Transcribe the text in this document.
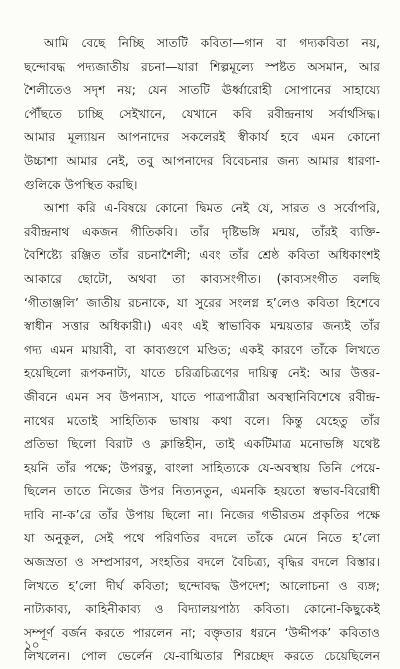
আমি বেছে নিচ্ছি সাতটি কবিতা—গান বা গদ্যকবিতা নয়,
ছন্দোবদ্ধ পদ্যজাতীয় রচনা—যারা শিল্পমূল্যে স্পষ্টত অসমান, আর
শৈলীতেও সদৃশ নয়; যেন সাতটি ঊর্ধ্বারোহী সোপানের সাহায্যে
পৌঁছতে চাচ্ছি সেইখানে, যেখানে কবি রবীন্দ্রনাথ সর্বার্থসিদ্ধ।
আমার মূল্যায়ন আপনাদের সকলেরই স্বীকার্য হবে এমন কোনো
উচ্চাশা আমার নেই, তবু আপনাদের বিবেচনার জন্য আমার ধারণা-
গুলিকে উপস্থিত করছি।
আশা করি এ-বিষয়ে কোনো দ্বিমত নেই যে, সারত ও সর্বোপরি,
রবীন্দ্রনাথ একজন গীতিকবি। তাঁর দৃষ্টিভঙ্গি মন্ময়, তাঁরই ব্যক্তি-
বৈশিষ্ট্যে রঞ্জিত তাঁর রচনাশৈলী; এবং তাঁর শ্রেষ্ঠ কবিতা অধিকাংশই
আকারে ছোটো, অথবা তা কাব্যসংগীত। (কাব্যসংগীত বলছি
‘গীতাঞ্জলি’ জাতীয় রচনাকে, যা সুরের সংলগ্ন হ’লেও কবিতা হিশেবে
স্বাধীন সত্তার অধিকারী।) এবং এই স্বাভাবিক মন্ময়তার জন্যই তাঁর
গদ্য এমন মায়াবী, বা কাব্যগুণে মণ্ডিত; একই কারণে তাঁকে লিখতে
হয়েছিলো রূপকনাট্য, যাতে চরিত্রচিত্রণের দায়িত্ব নেই: আর উত্তর-
জীবনে এমন সব উপন্যাস, যাতে পাত্রপাত্রীরা অবস্থানিবিশেষে রবীন্দ্র-
নাথের মতোই সাহিত্যিক ভাষায় কথা বলে। কিন্তু যেহেতু তাঁর
প্রতিভা ছিলো বিরাট ও ক্লান্তিহীন, তাই একটিমাত্র মনোভঙ্গি যথেষ্ট
হয়নি তাঁর পক্ষে; উপরন্তু, বাংলা সাহিত্যকে যে-অবস্থায় তিনি পেয়ে-
ছিলেন তাতে নিজের উপর নিত্যনতুন, এমনকি হয়তো স্বভাব-বিরোধী
দাবি না-ক’রে তাঁর উপায় ছিলো না। নিজের গভীরতম প্রকৃতির পক্ষে
যা অনুকূল, সেই পথে পরিণতির বদলে তাঁকে মেনে নিতে হ’লো
অজস্রতা ও সম্প্রসারণ, সংহতির বদলে বৈচিত্র্য, বৃদ্ধির বদলে বিস্তার।
লিখতে হ’লো দীর্ঘ কবিতা; ছন্দোবদ্ধ উপদেশ; আলোচনা ও ব্যঙ্গ;
নাট্যকাব্য, কাহিনীকাব্য ও বিদ্যালয়পাঠ্য কবিতা। কোনো-কিছুকেই
সম্পূর্ণ বর্জন করতে পারলেন না; বক্তৃতার ধরনে ‘উদ্দীপক’ কবিতাও
লিখলেন। পোল ভের্লেন যে-বাগ্মিতার শিরচ্ছেদ করতে চেয়েছিলেন
১০
